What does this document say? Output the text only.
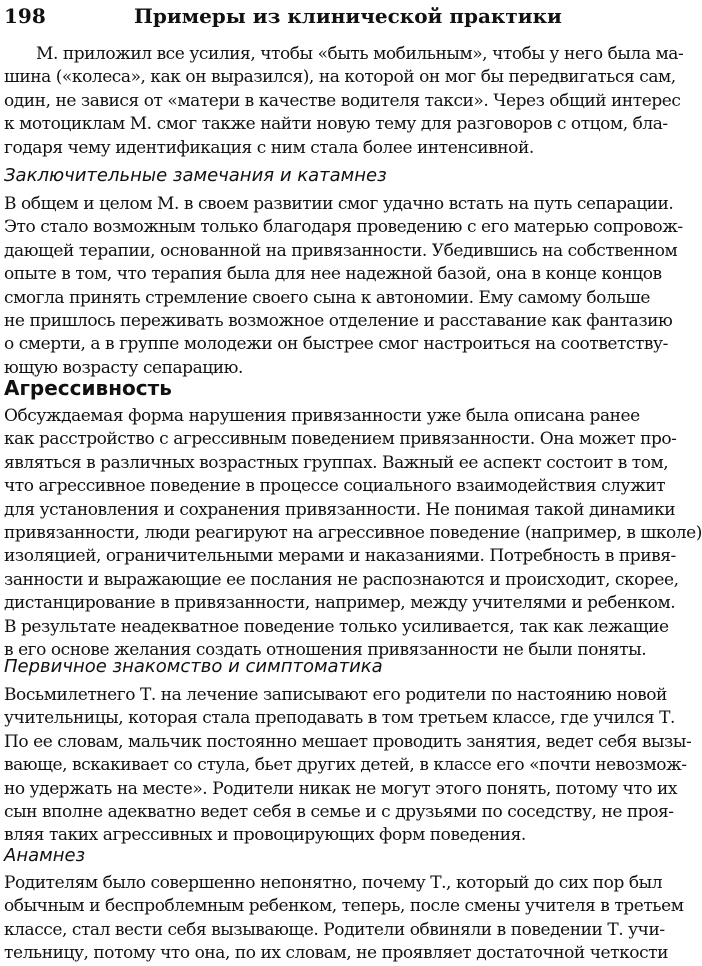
198	Примеры из клинической практики
М. приложил все усилия, чтобы «быть мобильным», чтобы у него была ма-
шина («колеса», как он выразился), на которой он мог бы передвигаться сам,
один, не завися от «матери в качестве водителя такси». Через общий интерес
к мотоциклам М. смог также найти новую тему для разговоров с отцом, бла-
годаря чему идентификация с ним стала более интенсивной.
Заключительные замечания и катамнез
В общем и целом М. в своем развитии смог удачно встать на путь сепарации.
Это стало возможным только благодаря проведению с его матерью сопровож-
дающей терапии, основанной на привязанности. Убедившись на собственном
опыте в том, что терапия была для нее надежной базой, она в конце концов
смогла принять стремление своего сына к автономии. Ему самому больше
не пришлось переживать возможное отделение и расставание как фантазию
о смерти, а в группе молодежи он быстрее смог настроиться на соответству-
ющую возрасту сепарацию.
Агрессивность
Обсуждаемая форма нарушения привязанности уже была описана ранее
как расстройство с агрессивным поведением привязанности. Она может про-
являться в различных возрастных группах. Важный ее аспект состоит в том,
что агрессивное поведение в процессе социального взаимодействия служит
для установления и сохранения привязанности. Не понимая такой динамики
привязанности, люди реагируют на агрессивное поведение (например, в школе)
изоляцией, ограничительными мерами и наказаниями. Потребность в привя-
занности и выражающие ее послания не распознаются и происходит, скорее,
дистанцирование в привязанности, например, между учителями и ребенком.
В результате неадекватное поведение только усиливается, так как лежащие
в его основе желания создать отношения привязанности не были поняты.
Первичное знакомство и симптоматика
Восьмилетнего Т. на лечение записывают его родители по настоянию новой
учительницы, которая стала преподавать в том третьем классе, где учился Т.
По ее словам, мальчик постоянно мешает проводить занятия, ведет себя вызы-
вающе, вскакивает со стула, бьет других детей, в классе его «почти невозмож-
но удержать на месте». Родители никак не могут этого понять, потому что их
сын вполне адекватно ведет себя в семье и с друзьями по соседству, не проя-
вляя таких агрессивных и провоцирующих форм поведения.
Анамнез
Родителям было совершенно непонятно, почему Т., который до сих пор был
обычным и беспроблемным ребенком, теперь, после смены учителя в третьем
классе, стал вести себя вызывающе. Родители обвиняли в поведении Т. учи-
тельницу, потому что она, по их словам, не проявляет достаточной четкости
